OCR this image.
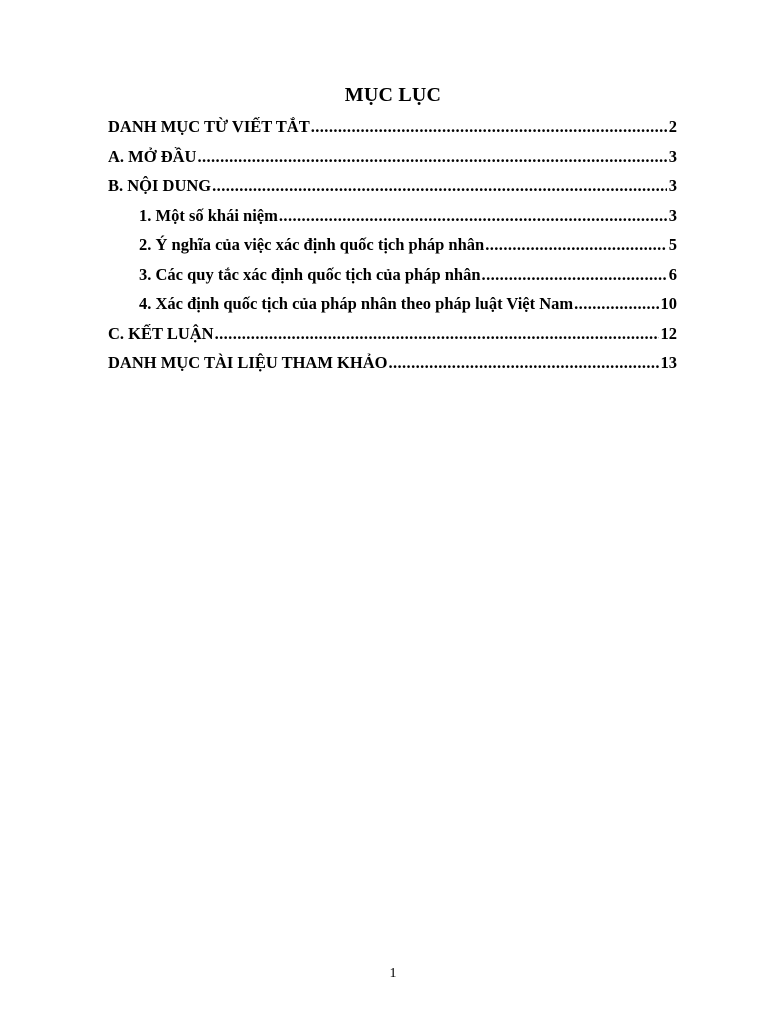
MỤC LỤC
DANH MỤC TỪ VIẾT TẮT .....	2
A. MỞ ĐẦU .....	3
B. NỘI DUNG .....	3
1. Một số khái niệm .....	3
2. Ý nghĩa của việc xác định quốc tịch pháp nhân .....	5
3. Các quy tắc xác định quốc tịch của pháp nhân .....	6
4. Xác định quốc tịch của pháp nhân theo pháp luật Việt Nam .....	10
C. KẾT LUẬN .....	12
DANH MỤC TÀI LIỆU THAM KHẢO .....	13
1
